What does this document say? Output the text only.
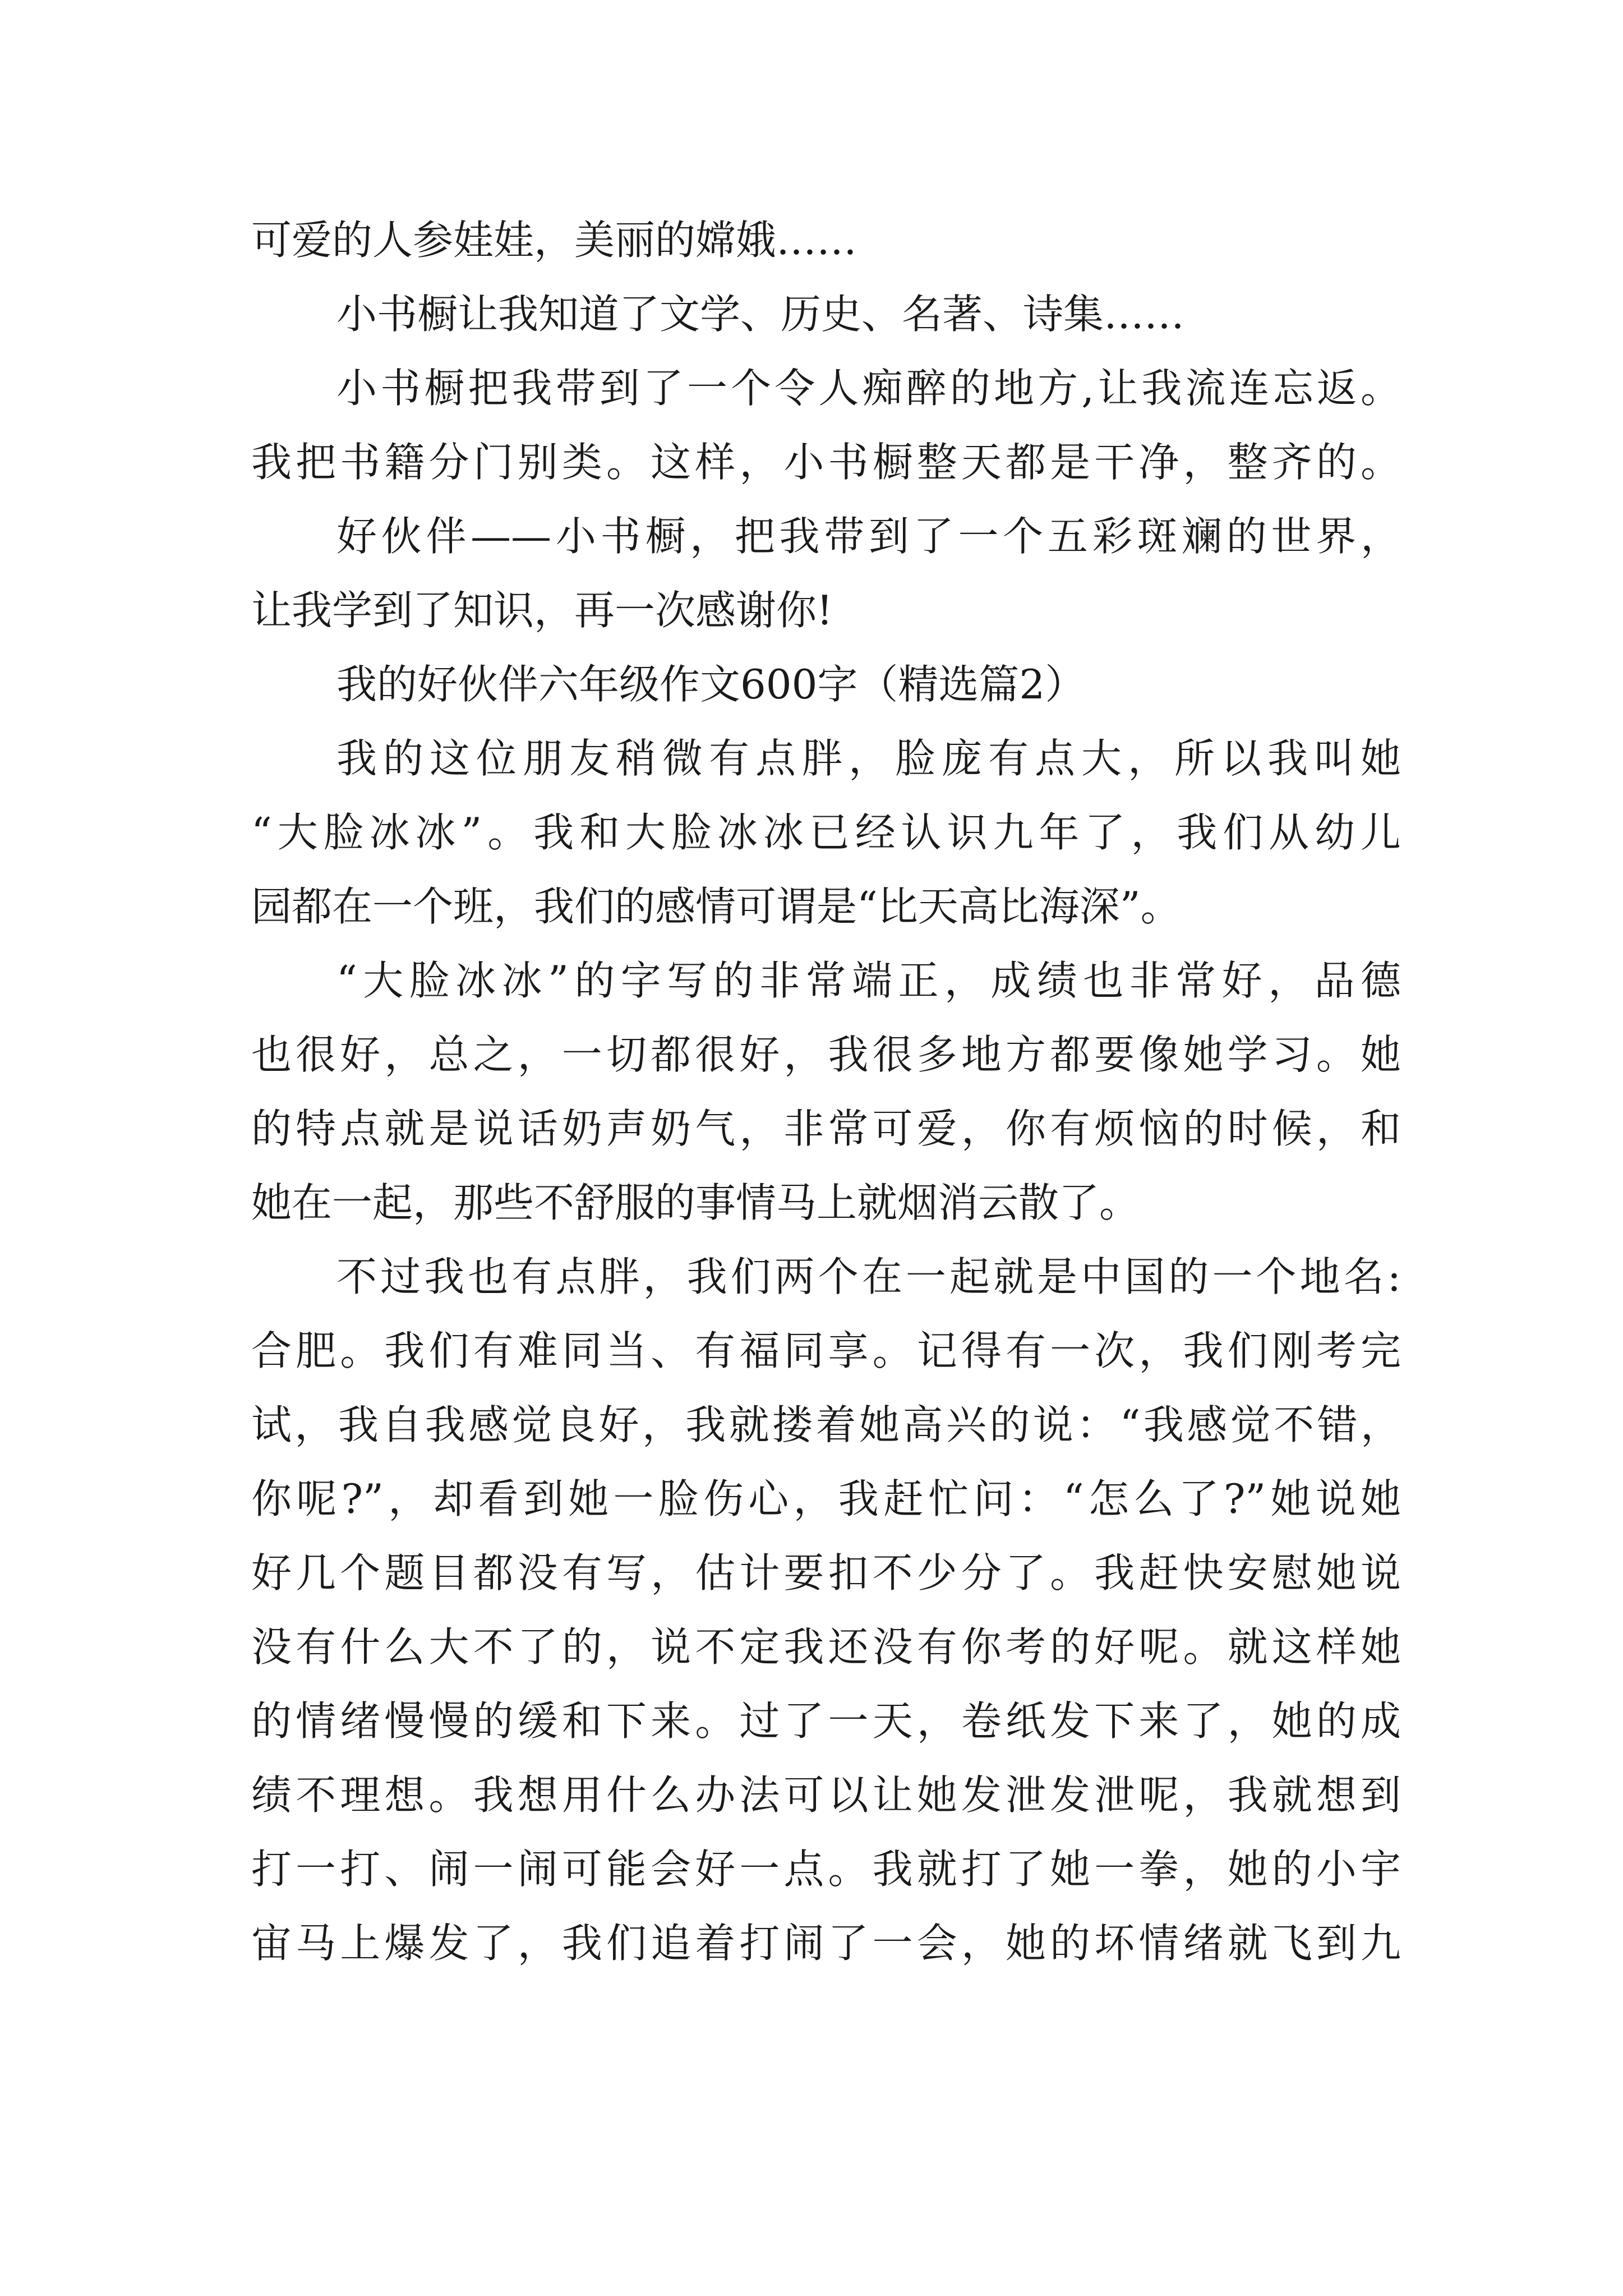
可爱的人参娃娃，美丽的嫦娥……

小书橱让我知道了文学、历史、名著、诗集……

小书橱把我带到了一个令人痴醉的地方,让我流连忘返。

我把书籍分门别类。这样，小书橱整天都是干净，整齐的。

好伙伴——小书橱，把我带到了一个五彩斑斓的世界，

让我学到了知识，再一次感谢你!

我的好伙伴六年级作文600字（精选篇2）

我的这位朋友稍微有点胖，脸庞有点大，所以我叫她

“大脸冰冰”。我和大脸冰冰已经认识九年了，我们从幼儿

园都在一个班，我们的感情可谓是“比天高比海深”。

“大脸冰冰”的字写的非常端正，成绩也非常好，品德

也很好，总之，一切都很好，我很多地方都要像她学习。她

的特点就是说话奶声奶气，非常可爱，你有烦恼的时候，和

她在一起，那些不舒服的事情马上就烟消云散了。

不过我也有点胖，我们两个在一起就是中国的一个地名:

合肥。我们有难同当、有福同享。记得有一次，我们刚考完

试，我自我感觉良好，我就搂着她高兴的说：“我感觉不错，

你呢?”，却看到她一脸伤心，我赶忙问：“怎么了?”她说她

好几个题目都没有写，估计要扣不少分了。我赶快安慰她说

没有什么大不了的，说不定我还没有你考的好呢。就这样她

的情绪慢慢的缓和下来。过了一天，卷纸发下来了，她的成

绩不理想。我想用什么办法可以让她发泄发泄呢，我就想到

打一打、闹一闹可能会好一点。我就打了她一拳，她的小宇

宙马上爆发了，我们追着打闹了一会，她的坏情绪就飞到九
